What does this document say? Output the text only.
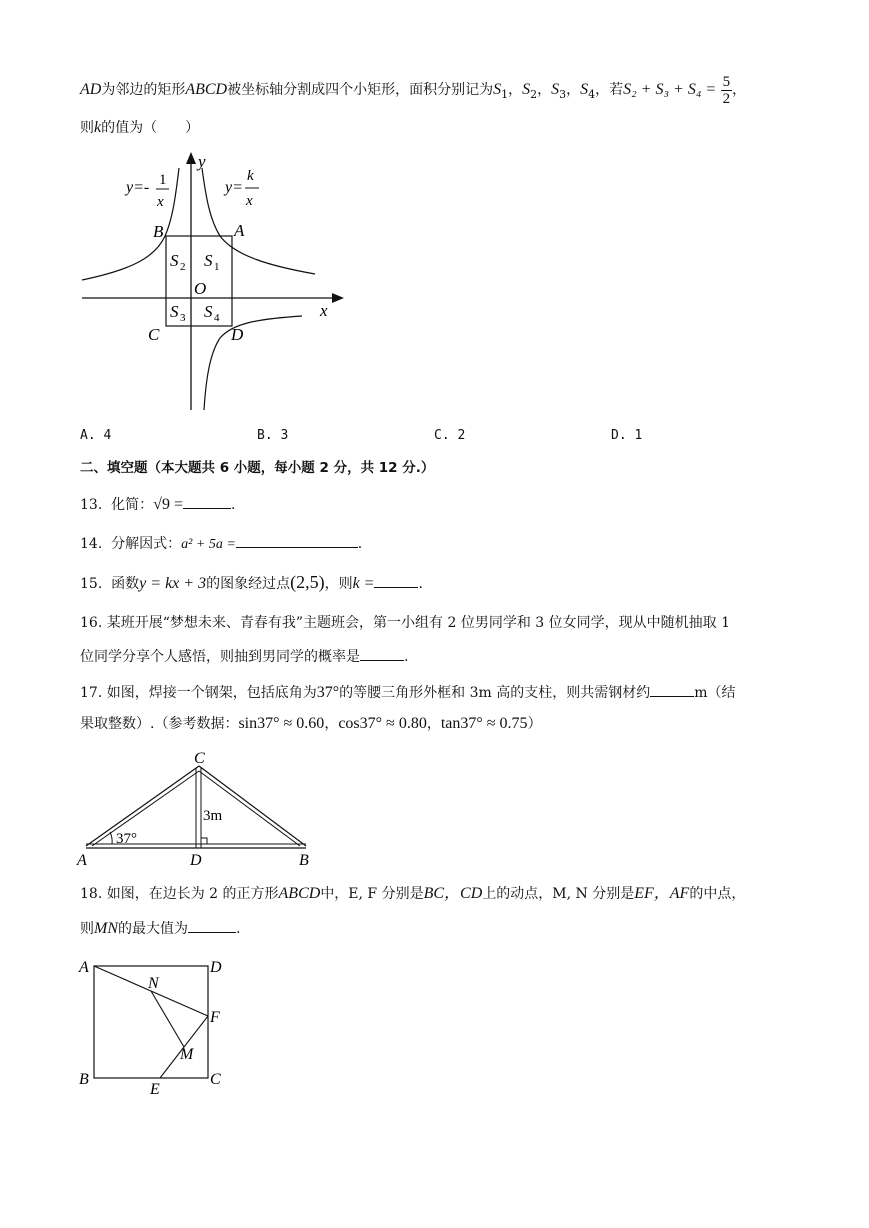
AD为邻边的矩形ABCD被坐标轴分割成四个小矩形，面积分别记为$S_1$，$S_2$，$S_3$，$S_4$，若$S_2 + S_3 + S_4 = \frac{5}{2}$ ，
则k的值为（　　）
y
x
O
y=- 1
x
y=
k
x
B	A
C	D
S 2 S 1
S 3 S 4
A. 4	B. 3	C. 2	D. 1
二、填空题（本大题共 6 小题，每小题 2 分，共 12 分.）
13. 化简：√9 =	.
14. 分解因式：a² + 5a =	.
15. 函数y = kx + 3的图象经过点(2,5)，则k =	.
16. 某班开展“梦想未来、青春有我”主题班会，第一小组有 2 位男同学和 3 位女同学，现从中随机抽取 1
位同学分享个人感悟，则抽到男同学的概率是	.
17. 如图，焊接一个钢架，包括底角为37°的等腰三角形外框和 3m 高的支柱，则共需钢材约	m（结
果取整数）.（参考数据：sin37° ≈ 0.60，cos37° ≈ 0.80，tan37° ≈ 0.75）
C
A	D	B
3m
37°
18. 如图，在边长为 2 的正方形ABCD中，E, F 分别是BC，CD上的动点，M, N 分别是EF，AF的中点，
则MN的最大值为	.
A	D
N
F
M
B
E
C
